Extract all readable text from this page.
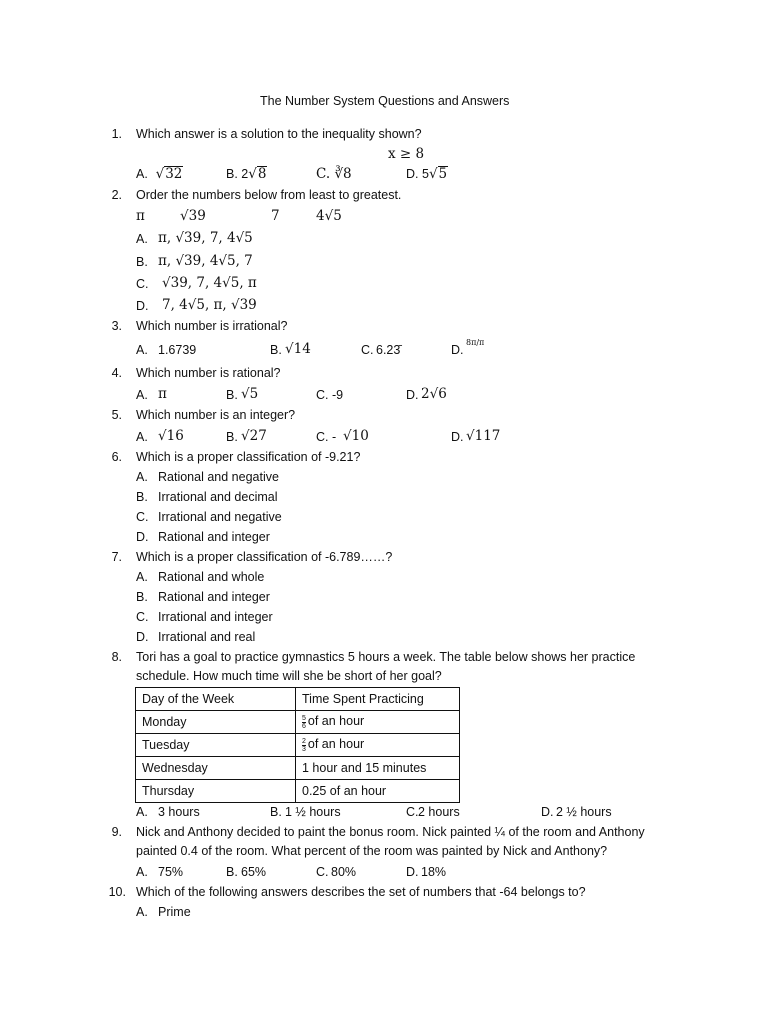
The Number System Questions and Answers
1. Which answer is a solution to the inequality shown?
x ≥ 8
A.  √32	B. 2√8	C. ∛8	D. 5√5
2. Order the numbers below from least to greatest.
π	√39	7	4√5
A. π, √39, 7, 4√5
B. π, √39, 4√5, 7
C. √39, 7, 4√5, π
D. 7, 4√5, π, √39
3. Which number is irrational?
A. 1.6739	B. √14	C. 6.23̄	D.
8π/π
4. Which number is rational?
A. π	B. √5	C. -9	D. 2√6
5. Which number is an integer?
A. √16	B. √27	C. - √10	D. √117
6. Which is a proper classification of -9.21?
A. Rational and negative
B. Irrational and decimal
C. Irrational and negative
D. Rational and integer
7. Which is a proper classification of -6.789……?
A. Rational and whole
B. Rational and integer
C. Irrational and integer
D. Irrational and real
8. Tori has a goal to practice gymnastics 5 hours a week. The table below shows her practice
schedule. How much time will she be short of her goal?
Day of the Week	Time Spent Practicing
Monday	$\frac{5}{6}$ of an hour
Tuesday	$\frac{2}{3}$ of an hour
Wednesday	1 hour and 15 minutes
Thursday	0.25 of an hour
A. 3 hours	B. 1 ½ hours	C. 2 hours	D. 2 ½ hours
9. Nick and Anthony decided to paint the bonus room. Nick painted ¼ of the room and Anthony
painted 0.4 of the room. What percent of the room was painted by Nick and Anthony?
A. 75%	B. 65%	C. 80%	D. 18%
10. Which of the following answers describes the set of numbers that -64 belongs to?
A. Prime
